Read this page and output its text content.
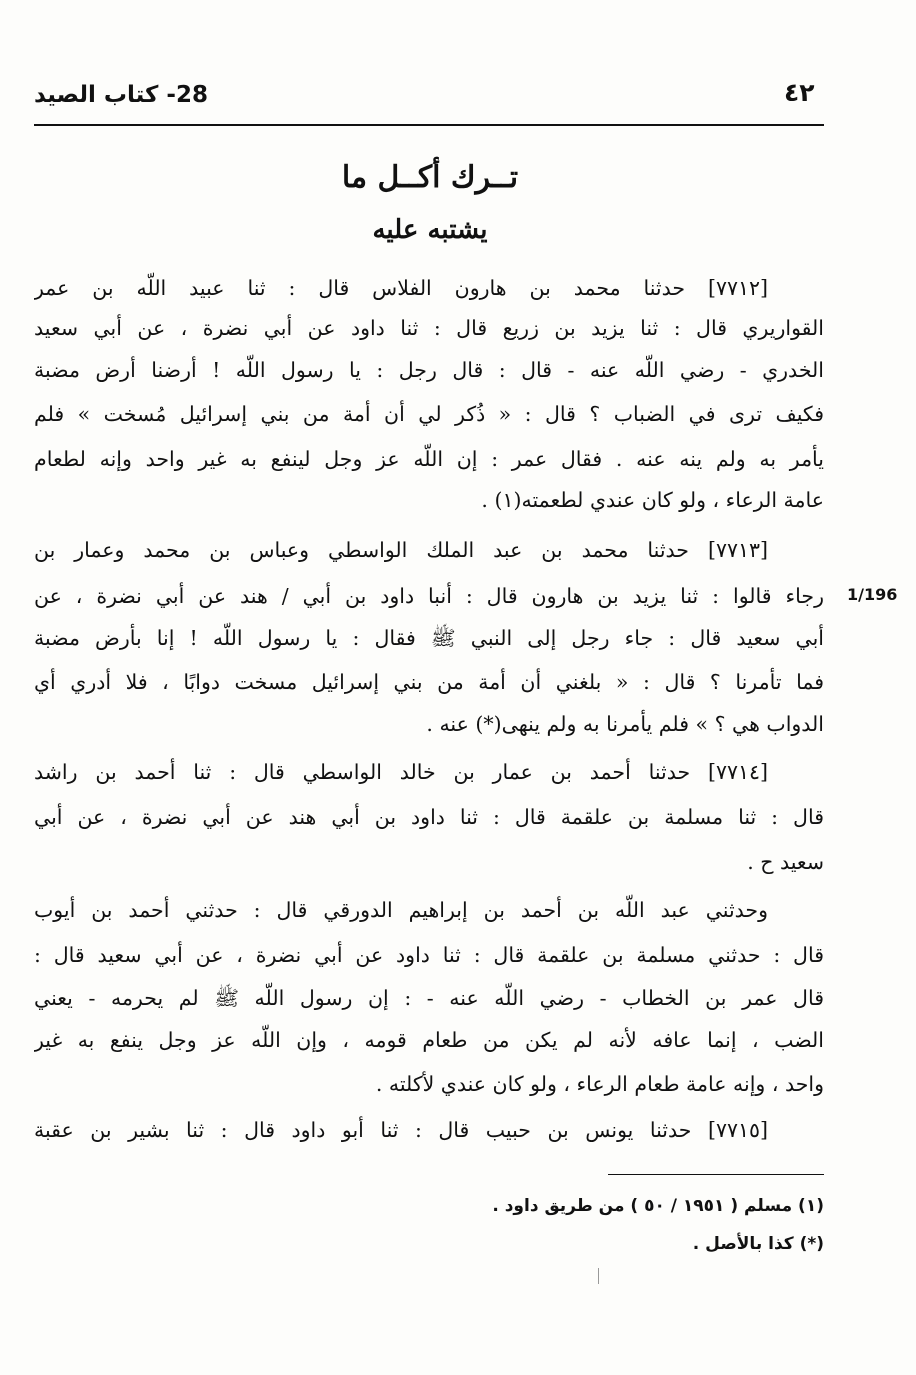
28- كتاب الصيد	٤٢
تــرك أكــل ما
يشتبه عليه
1/196
[٧٧١٢] حدثنا محمد بن هارون الفلاس قال : ثنا عبيد اللّه بن عمر
القواريري قال : ثنا يزيد بن زريع قال : ثنا داود عن أبي نضرة ، عن أبي سعيد
الخدري - رضي اللّه عنه - قال : قال رجل : يا رسول اللّه ! أرضنا أرض مضبة
فكيف ترى في الضباب ؟ قال : « ذُكر لي أن أمة من بني إسرائيل مُسخت » فلم
يأمر به ولم ينه عنه . فقال عمر : إن اللّه عز وجل لينفع به غير واحد وإنه لطعام
عامة الرعاء ، ولو كان عندي لطعمته(١) .
[٧٧١٣] حدثنا محمد بن عبد الملك الواسطي وعباس بن محمد وعمار بن
رجاء قالوا : ثنا يزيد بن هارون قال : أنبا داود بن أبي / هند عن أبي نضرة ، عن
أبي سعيد قال : جاء رجل إلى النبي ﷺ فقال : يا رسول اللّه ! إنا بأرض مضبة
فما تأمرنا ؟ قال : « بلغني أن أمة من بني إسرائيل مسخت دوابًا ، فلا أدري أي
الدواب هي ؟ » فلم يأمرنا به ولم ينهى(*) عنه .
[٧٧١٤] حدثنا أحمد بن عمار بن خالد الواسطي قال : ثنا أحمد بن راشد
قال : ثنا مسلمة بن علقمة قال : ثنا داود بن أبي هند عن أبي نضرة ، عن أبي
سعيد ح .
وحدثني عبد اللّه بن أحمد بن إبراهيم الدورقي قال : حدثني أحمد بن أيوب
قال : حدثني مسلمة بن علقمة قال : ثنا داود عن أبي نضرة ، عن أبي سعيد قال :
قال عمر بن الخطاب - رضي اللّه عنه - : إن رسول اللّه ﷺ لم يحرمه - يعني
الضب ، إنما عافه لأنه لم يكن من طعام قومه ، وإن اللّه عز وجل ينفع به غير
واحد ، وإنه عامة طعام الرعاء ، ولو كان عندي لأكلته .
[٧٧١٥] حدثنا يونس بن حبيب قال : ثنا أبو داود قال : ثنا بشير بن عقبة
(١) مسلم ( ١٩٥١ / ٥٠ ) من طريق داود .
(*) كذا بالأصل .
